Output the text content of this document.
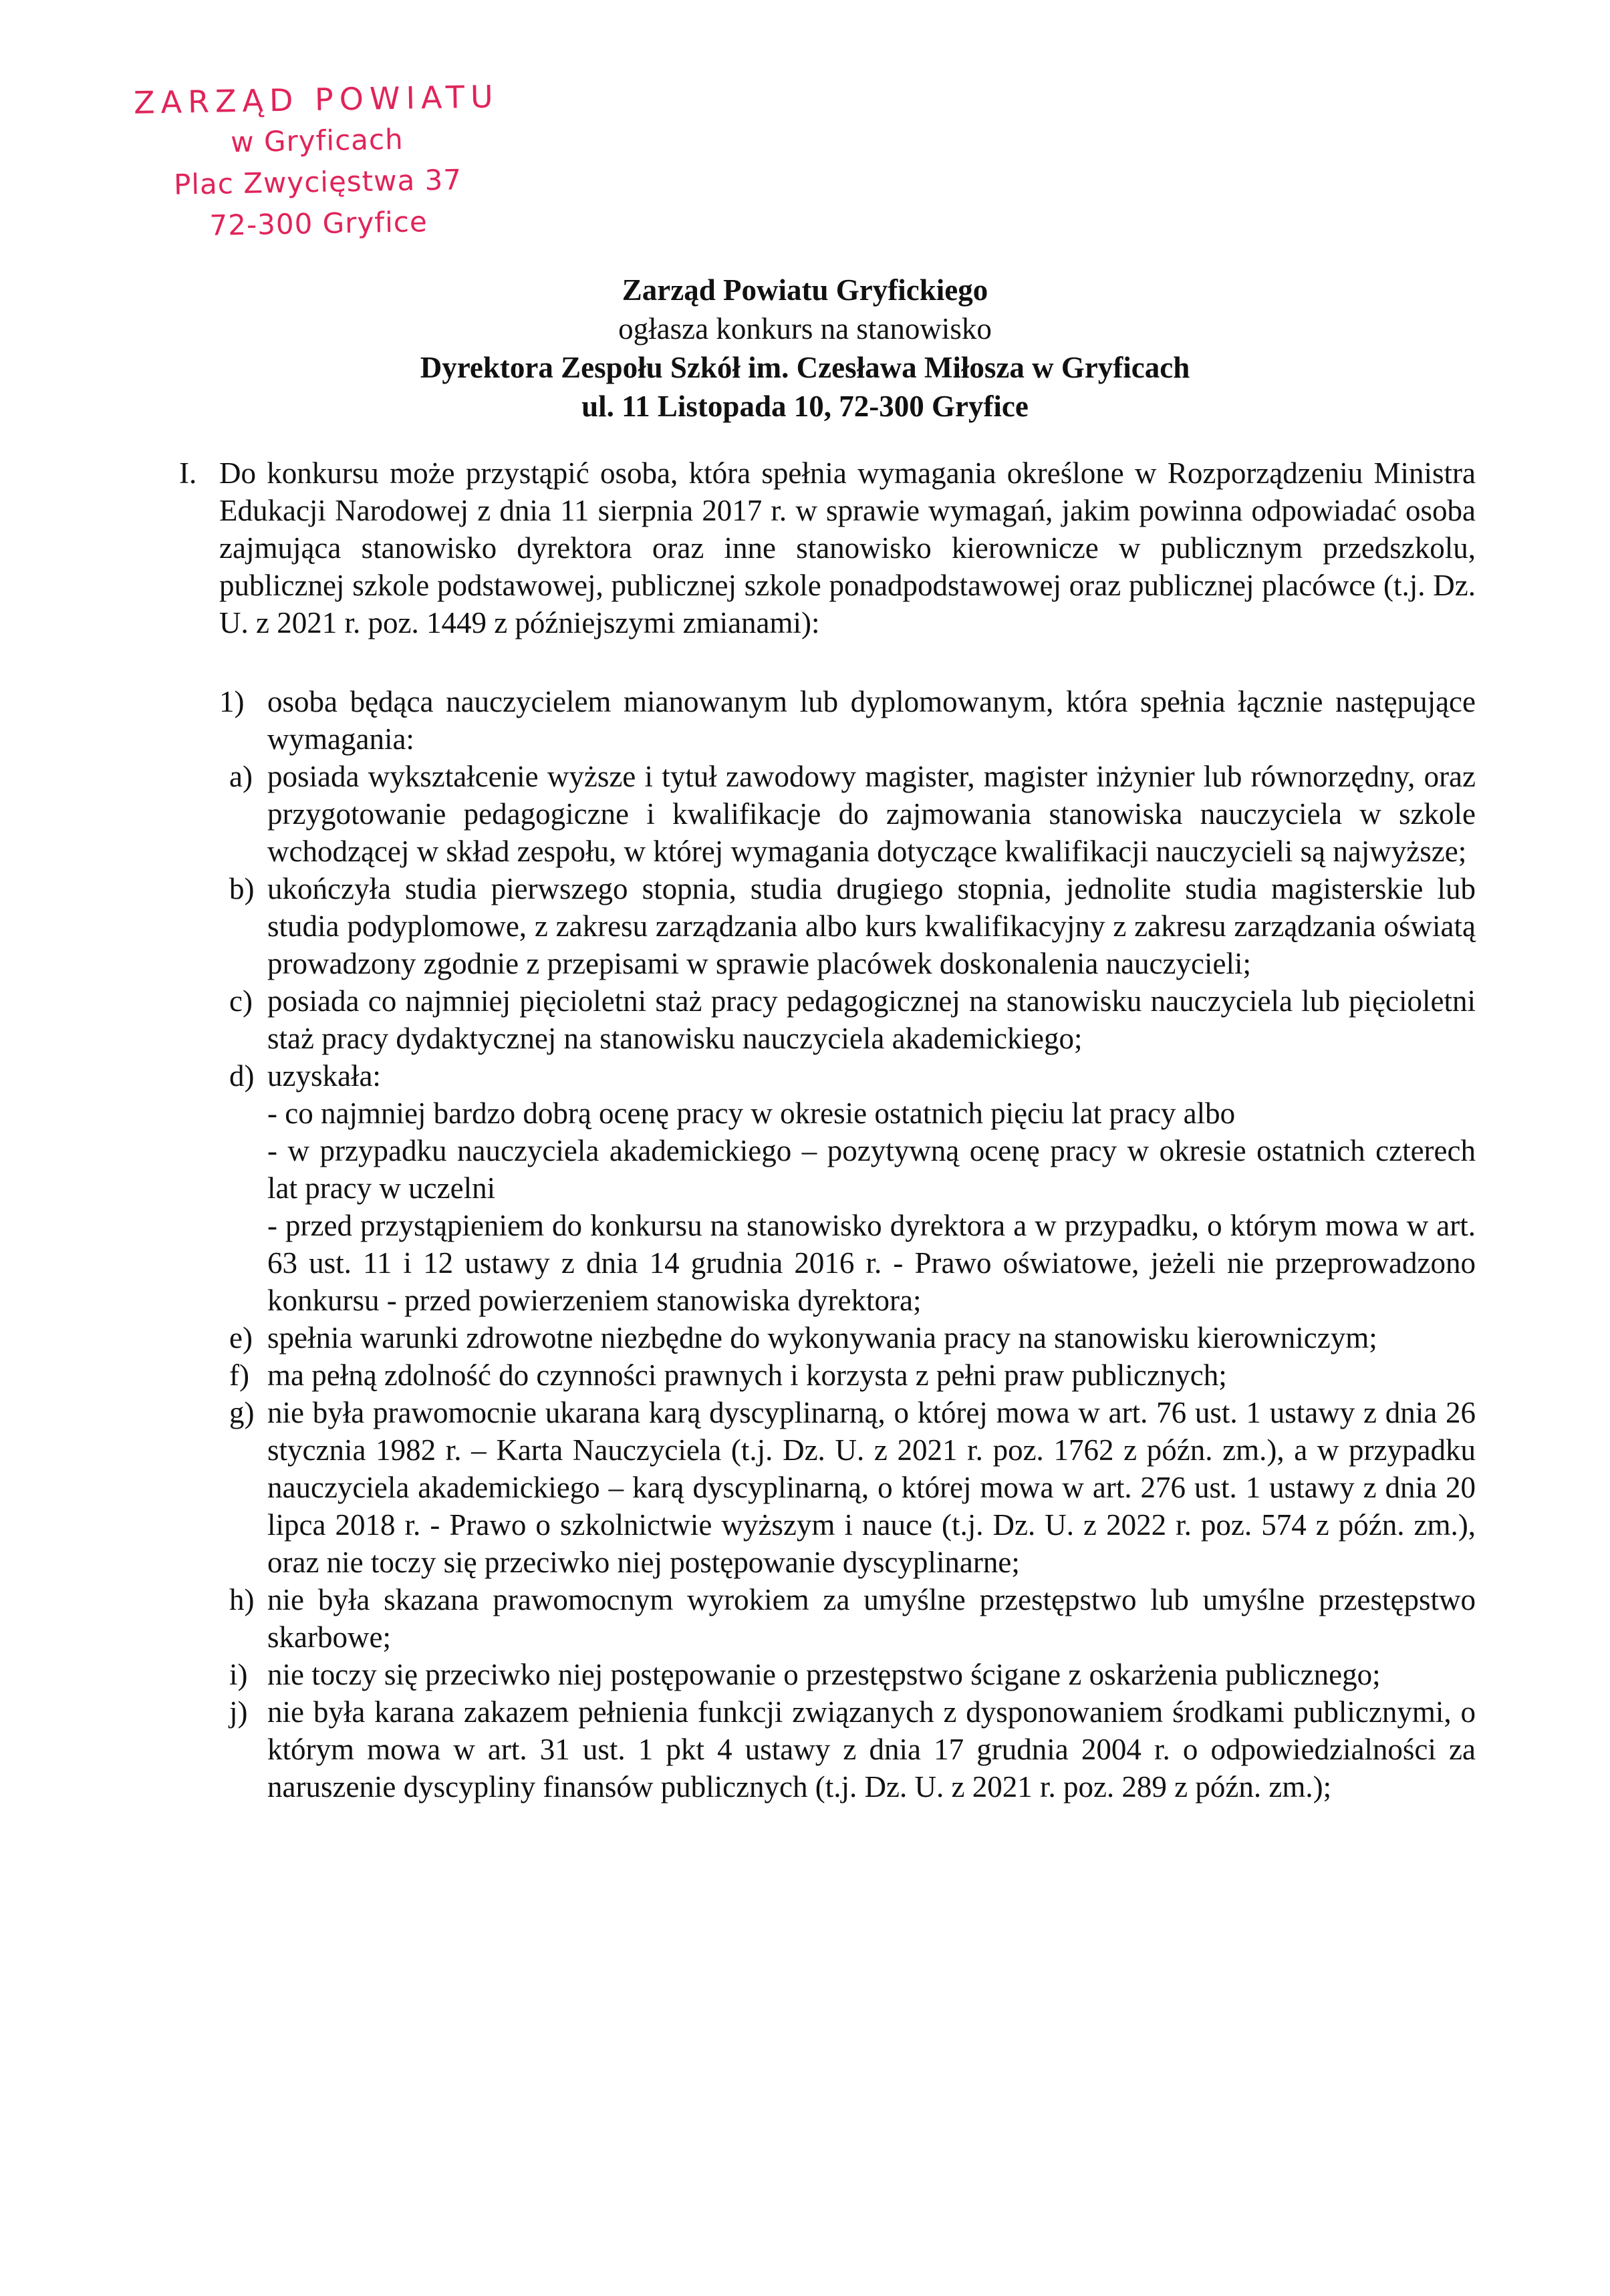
ZARZĄD POWIATU
w Gryficach
Plac Zwycięstwa 37
72-300 Gryfice
Zarząd Powiatu Gryfickiego
ogłasza konkurs na stanowisko
Dyrektora Zespołu Szkół im. Czesława Miłosza w Gryficach
ul. 11 Listopada 10, 72-300 Gryfice
I. Do konkursu może przystąpić osoba, która spełnia wymagania określone w Rozporządzeniu Ministra Edukacji Narodowej z dnia 11 sierpnia 2017 r. w sprawie wymagań, jakim powinna odpowiadać osoba zajmująca stanowisko dyrektora oraz inne stanowisko kierownicze w publicznym przedszkolu, publicznej szkole podstawowej, publicznej szkole ponadpodstawowej oraz publicznej placówce (t.j. Dz. U. z 2021 r. poz. 1449 z późniejszymi zmianami):
1) osoba będąca nauczycielem mianowanym lub dyplomowanym, która spełnia łącznie następujące wymagania:
a) posiada wykształcenie wyższe i tytuł zawodowy magister, magister inżynier lub równorzędny, oraz przygotowanie pedagogiczne i kwalifikacje do zajmowania stanowiska nauczyciela w szkole wchodzącej w skład zespołu, w której wymagania dotyczące kwalifikacji nauczycieli są najwyższe;
b) ukończyła studia pierwszego stopnia, studia drugiego stopnia, jednolite studia magisterskie lub studia podyplomowe, z zakresu zarządzania albo kurs kwalifikacyjny z zakresu zarządzania oświatą prowadzony zgodnie z przepisami w sprawie placówek doskonalenia nauczycieli;
c) posiada co najmniej pięcioletni staż pracy pedagogicznej na stanowisku nauczyciela lub pięcioletni staż pracy dydaktycznej na stanowisku nauczyciela akademickiego;
d) uzyskała:
- co najmniej bardzo dobrą ocenę pracy w okresie ostatnich pięciu lat pracy albo
- w przypadku nauczyciela akademickiego – pozytywną ocenę pracy w okresie ostatnich czterech lat pracy w uczelni
- przed przystąpieniem do konkursu na stanowisko dyrektora a w przypadku, o którym mowa w art. 63 ust. 11 i 12 ustawy z dnia 14 grudnia 2016 r. - Prawo oświatowe, jeżeli nie przeprowadzono konkursu - przed powierzeniem stanowiska dyrektora;
e) spełnia warunki zdrowotne niezbędne do wykonywania pracy na stanowisku kierowniczym;
f) ma pełną zdolność do czynności prawnych i korzysta z pełni praw publicznych;
g) nie była prawomocnie ukarana karą dyscyplinarną, o której mowa w art. 76 ust. 1 ustawy z dnia 26 stycznia 1982 r. – Karta Nauczyciela (t.j. Dz. U. z 2021 r. poz. 1762 z późn. zm.), a w przypadku nauczyciela akademickiego – karą dyscyplinarną, o której mowa w art. 276 ust. 1 ustawy z dnia 20 lipca 2018 r. - Prawo o szkolnictwie wyższym i nauce (t.j. Dz. U. z 2022 r. poz. 574 z późn. zm.), oraz nie toczy się przeciwko niej postępowanie dyscyplinarne;
h) nie była skazana prawomocnym wyrokiem za umyślne przestępstwo lub umyślne przestępstwo skarbowe;
i) nie toczy się przeciwko niej postępowanie o przestępstwo ścigane z oskarżenia publicznego;
j) nie była karana zakazem pełnienia funkcji związanych z dysponowaniem środkami publicznymi, o którym mowa w art. 31 ust. 1 pkt 4 ustawy z dnia 17 grudnia 2004 r. o odpowiedzialności za naruszenie dyscypliny finansów publicznych (t.j. Dz. U. z 2021 r. poz. 289 z późn. zm.);
